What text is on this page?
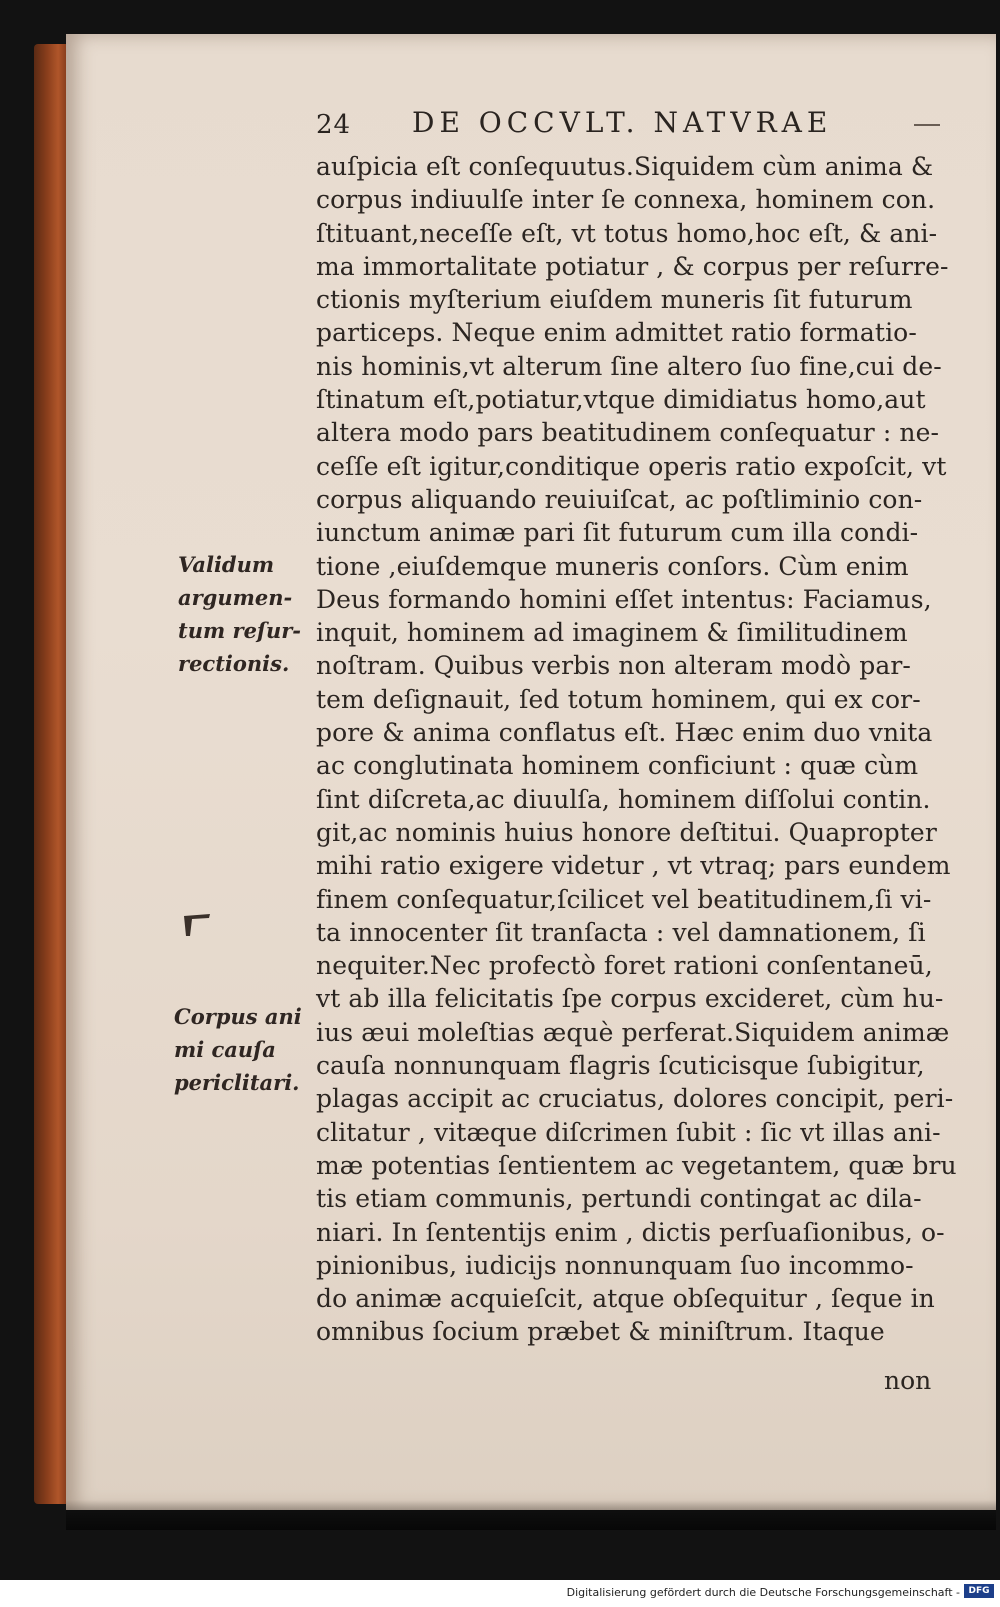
24 DE OCCVLT. NATVRAE
auſpicia eſt conſequutus.Siquidem cùm anima &
corpus indiuulſe inter ſe connexa, hominem con.
ſtituant,neceſſe eſt, vt totus homo,hoc eſt, & ani-
ma immortalitate potiatur , & corpus per reſurre-
ctionis myſterium eiuſdem muneris ſit futurum
particeps. Neque enim admittet ratio formatio-
nis hominis,vt alterum ſine altero ſuo fine,cui de-
ſtinatum eſt,potiatur,vtque dimidiatus homo,aut
altera modo pars beatitudinem conſequatur : ne-
ceſſe eſt igitur,conditique operis ratio expoſcit, vt
corpus aliquando reuiuiſcat, ac poſtliminio con-
iunctum animæ pari ſit futurum cum illa condi-
tione ,eiuſdemque muneris conſors. Cùm enim
Deus formando homini eſſet intentus: Faciamus,
inquit, hominem ad imaginem & ſimilitudinem
noſtram. Quibus verbis non alteram modò par-
tem deſignauit, ſed totum hominem, qui ex cor-
pore & anima conflatus eſt. Hæc enim duo vnita
ac conglutinata hominem conficiunt : quæ cùm
ſint diſcreta,ac diuulſa, hominem diſſolui contin.
git,ac nominis huius honore deſtitui. Quapropter
mihi ratio exigere videtur , vt vtraq; pars eundem
finem conſequatur,ſcilicet vel beatitudinem,ſi vi-
ta innocenter ſit tranſacta : vel damnationem, ſi
nequiter.Nec profectò foret rationi conſentaneū,
vt ab illa felicitatis ſpe corpus excideret, cùm hu-
ius æui moleſtias æquè perferat.Siquidem animæ
cauſa nonnunquam flagris ſcuticisque ſubigitur,
plagas accipit ac cruciatus, dolores concipit, peri-
clitatur , vitæque diſcrimen ſubit : ſic vt illas ani-
mæ potentias ſentientem ac vegetantem, quæ bru
tis etiam communis, pertundi contingat ac dila-
niari. In ſententijs enim , dictis perſuaſionibus, o-
pinionibus, iudicijs nonnunquam ſuo incommo-
do animæ acquieſcit, atque obſequitur , ſeque in
omnibus ſocium præbet & miniſtrum. Itaque
non
Validum
argumen-
tum reſur-
rectionis.
Corpus ani
mi cauſa
periclitari.
Digitalisierung gefördert durch die Deutsche Forschungsgemeinschaft - DFG
